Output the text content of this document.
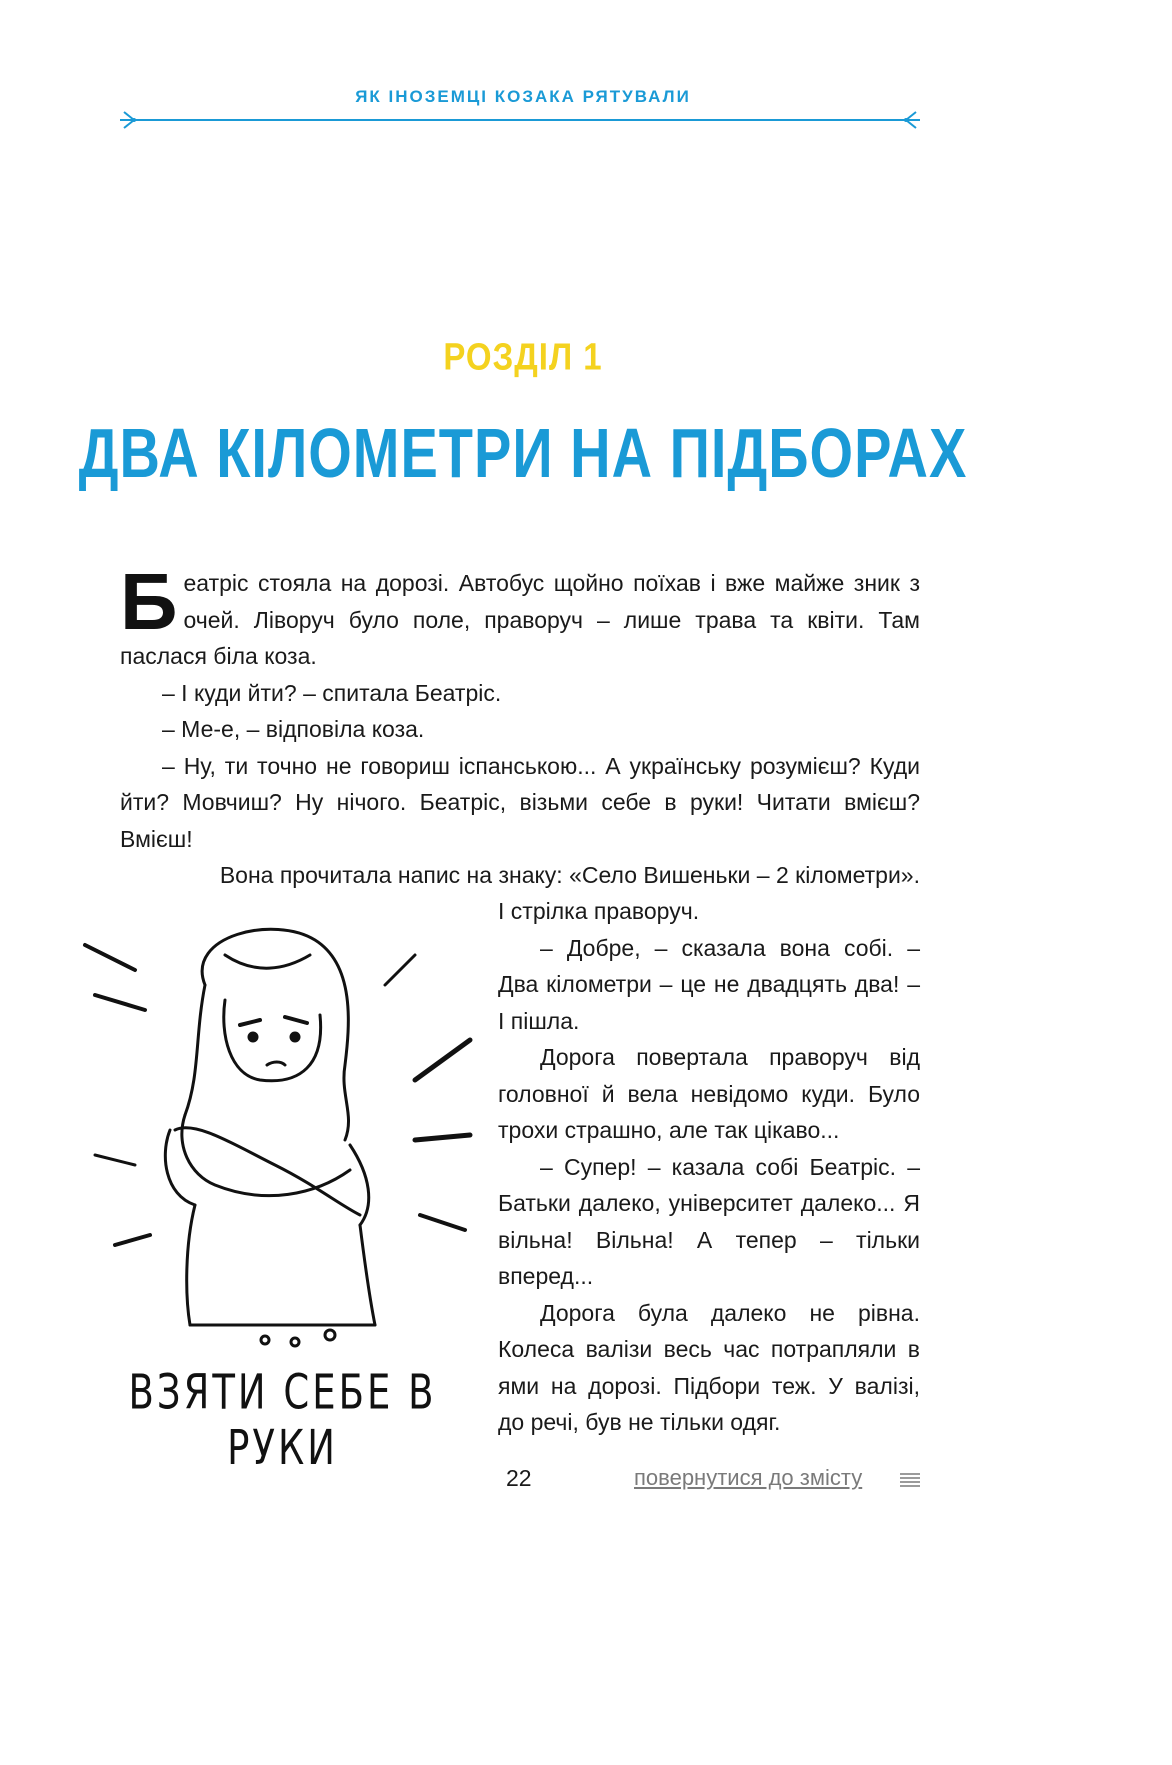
ЯК ІНОЗЕМЦІ КОЗАКА РЯТУВАЛИ
РОЗДІЛ 1
ДВА КІЛОМЕТРИ НА ПІДБОРАХ

Беатріс стояла на дорозі. Автобус щойно поїхав і вже майже зник з очей. Ліворуч було поле, праворуч – лише трава та квіти. Там паслася біла коза.

– І куди йти? – спитала Беатріс.

– Ме-е, – відповіла коза.

– Ну, ти точно не говориш іспанською... А українську розумієш? Куди йти? Мовчиш? Ну нічого. Беатріс, візьми себе в руки! Читати вмієш? Вмієш!

Вона прочитала напис на знаку: «Село Вишеньки – 2 кілометри».

І стрілка праворуч.

– Добре, – сказала вона собі. – Два кілометри – це не двадцять два! – І пішла.

Дорога повертала праворуч від головної й вела невідомо куди. Було трохи страшно, але так цікаво...

– Супер! – казала собі Беатріс. – Батьки далеко, університет далеко... Я вільна! Вільна! А тепер – тільки вперед...

Дорога була далеко не рівна. Колеса валізи весь час потрапляли в ями на дорозі. Підбори теж. У валізі, до речі, був не тільки одяг.

ВЗЯТИ СЕБЕ В РУКИ
22	повернутися до змісту
